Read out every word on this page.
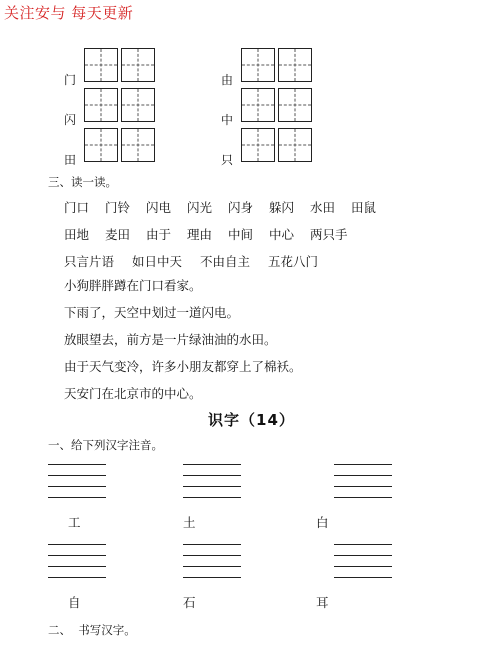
关注安与 每天更新
门
闪
田
由
中
只
三、读一读。
门口	门铃	闪电	闪光	闪身	躲闪	水田	田鼠
田地	麦田	由于	理由	中间	中心	两只手
只言片语	如日中天	不由自主	五花八门
小狗胖胖蹲在门口看家。
下雨了，天空中划过一道闪电。
放眼望去，前方是一片绿油油的水田。
由于天气变冷，许多小朋友都穿上了棉袄。
天安门在北京市的中心。
识字（14）
一、给下列汉字注音。
工	土	白
自	石	耳
二、  书写汉字。
